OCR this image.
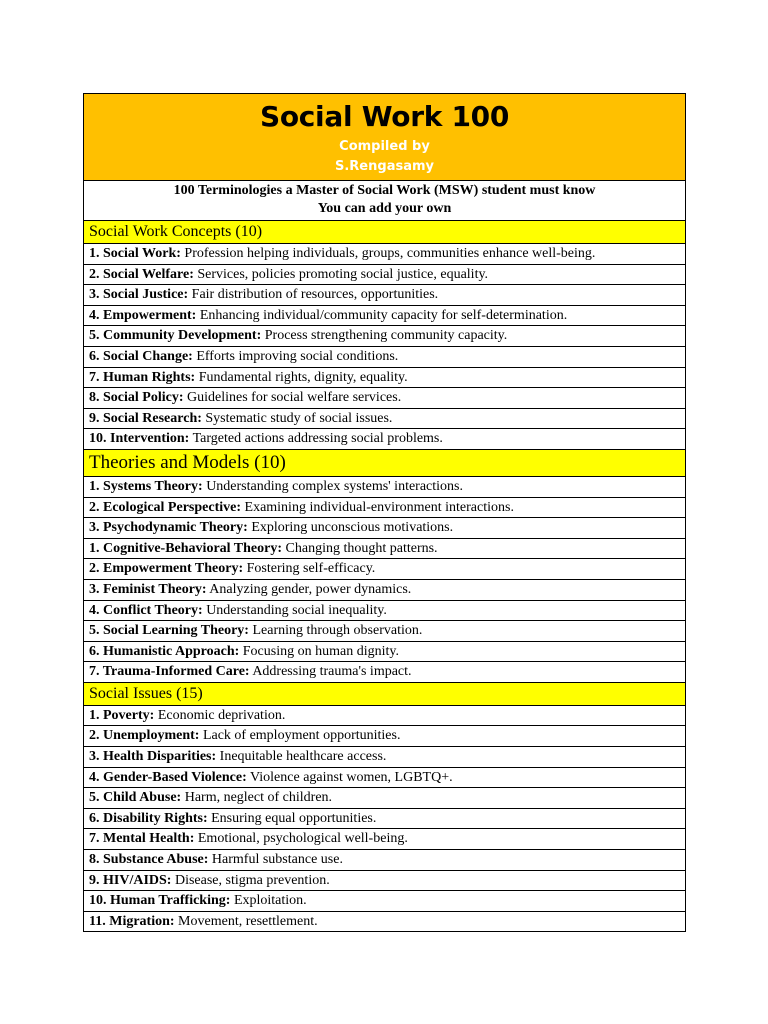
Social Work 100
Compiled by
S.Rengasamy
100 Terminologies a Master of Social Work (MSW) student must know
You can add your own
Social Work Concepts (10)
1. Social Work: Profession helping individuals, groups, communities enhance well-being.
2. Social Welfare: Services, policies promoting social justice, equality.
3. Social Justice: Fair distribution of resources, opportunities.
4. Empowerment: Enhancing individual/community capacity for self-determination.
5. Community Development: Process strengthening community capacity.
6. Social Change: Efforts improving social conditions.
7. Human Rights: Fundamental rights, dignity, equality.
8. Social Policy: Guidelines for social welfare services.
9. Social Research: Systematic study of social issues.
10. Intervention: Targeted actions addressing social problems.
Theories and Models (10)
1. Systems Theory: Understanding complex systems' interactions.
2. Ecological Perspective: Examining individual-environment interactions.
3. Psychodynamic Theory: Exploring unconscious motivations.
1. Cognitive-Behavioral Theory: Changing thought patterns.
2. Empowerment Theory: Fostering self-efficacy.
3. Feminist Theory: Analyzing gender, power dynamics.
4. Conflict Theory: Understanding social inequality.
5. Social Learning Theory: Learning through observation.
6. Humanistic Approach: Focusing on human dignity.
7. Trauma-Informed Care: Addressing trauma's impact.
Social Issues (15)
1. Poverty: Economic deprivation.
2. Unemployment: Lack of employment opportunities.
3. Health Disparities: Inequitable healthcare access.
4. Gender-Based Violence: Violence against women, LGBTQ+.
5. Child Abuse: Harm, neglect of children.
6. Disability Rights: Ensuring equal opportunities.
7. Mental Health: Emotional, psychological well-being.
8. Substance Abuse: Harmful substance use.
9. HIV/AIDS: Disease, stigma prevention.
10. Human Trafficking: Exploitation.
11. Migration: Movement, resettlement.
